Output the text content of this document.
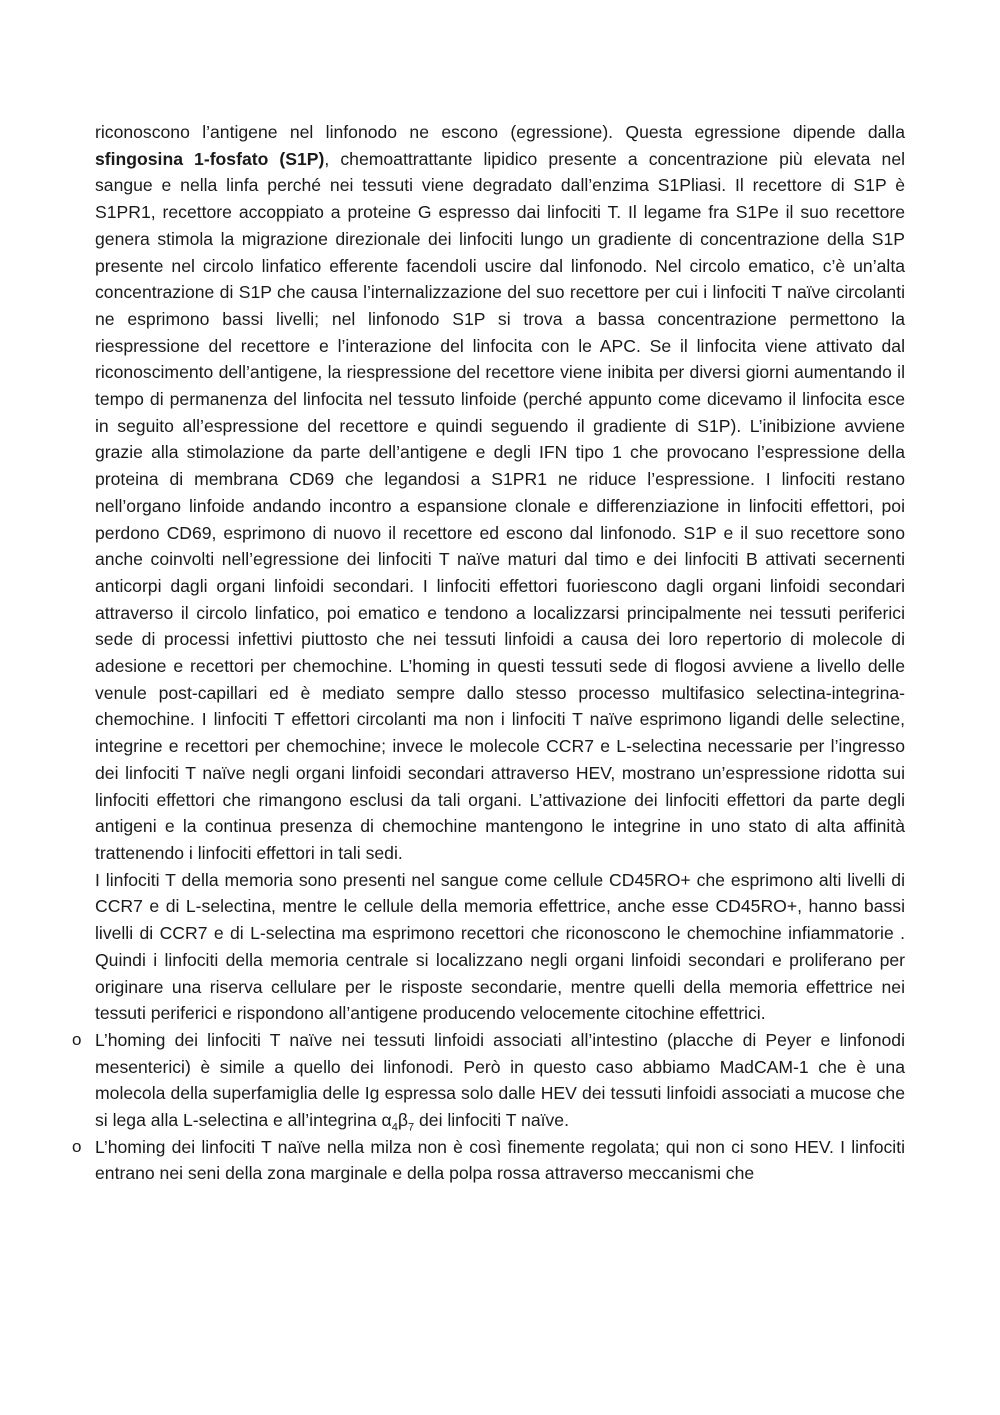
riconoscono l’antigene nel linfonodo ne escono (egressione). Questa egressione dipende dalla sfingosina 1-fosfato (S1P), chemoattrattante lipidico presente a concentrazione più elevata nel sangue e nella linfa perché nei tessuti viene degradato dall’enzima S1Pliasi. Il recettore di S1P è S1PR1, recettore accoppiato a proteine G espresso dai linfociti T. Il legame fra S1Pe il suo recettore genera stimola la migrazione direzionale dei linfociti lungo un gradiente di concentrazione della S1P presente nel circolo linfatico efferente facendoli uscire dal linfonodo. Nel circolo ematico, c’è un’alta concentrazione di S1P che causa l’internalizzazione del suo recettore per cui i linfociti T naïve circolanti ne esprimono bassi livelli; nel linfonodo S1P si trova a bassa concentrazione permettono la riespressione del recettore e l’interazione del linfocita con le APC. Se il linfocita viene attivato dal riconoscimento dell’antigene, la riespressione del recettore viene inibita per diversi giorni aumentando il tempo di permanenza del linfocita nel tessuto linfoide (perché appunto come dicevamo il linfocita esce in seguito all’espressione del recettore e quindi seguendo il gradiente di S1P). L’inibizione avviene grazie alla stimolazione da parte dell’antigene e degli IFN tipo 1 che provocano l’espressione della proteina di membrana CD69 che legandosi a S1PR1 ne riduce l’espressione. I linfociti restano nell’organo linfoide andando incontro a espansione clonale e differenziazione in linfociti effettori, poi perdono CD69, esprimono di nuovo il recettore ed escono dal linfonodo. S1P e il suo recettore sono anche coinvolti nell’egressione dei linfociti T naïve maturi dal timo e dei linfociti B attivati secernenti anticorpi dagli organi linfoidi secondari. I linfociti effettori fuoriescono dagli organi linfoidi secondari attraverso il circolo linfatico, poi ematico e tendono a localizzarsi principalmente nei tessuti periferici sede di processi infettivi piuttosto che nei tessuti linfoidi a causa dei loro repertorio di molecole di adesione e recettori per chemochine. L’homing in questi tessuti sede di flogosi avviene a livello delle venule post-capillari ed è mediato sempre dallo stesso processo multifasico selectina-integrina-chemochine. I linfociti T effettori circolanti ma non i linfociti T naïve esprimono ligandi delle selectine, integrine e recettori per chemochine; invece le molecole CCR7 e L-selectina necessarie per l’ingresso dei linfociti T naïve negli organi linfoidi secondari attraverso HEV, mostrano un’espressione ridotta sui linfociti effettori che rimangono esclusi da tali organi. L’attivazione dei linfociti effettori da parte degli antigeni e la continua presenza di chemochine mantengono le integrine in uno stato di alta affinità trattenendo i linfociti effettori in tali sedi.

I linfociti T della memoria sono presenti nel sangue come cellule CD45RO+ che esprimono alti livelli di CCR7 e di L-selectina, mentre le cellule della memoria effettrice, anche esse CD45RO+, hanno bassi livelli di CCR7 e di L-selectina ma esprimono recettori che riconoscono le chemochine infiammatorie . Quindi i linfociti della memoria centrale si localizzano negli organi linfoidi secondari e proliferano per originare una riserva cellulare per le risposte secondarie, mentre quelli della memoria effettrice nei tessuti periferici e rispondono all’antigene producendo velocemente citochine effettrici.

o L’homing dei linfociti T naïve nei tessuti linfoidi associati all’intestino (placche di Peyer e linfonodi mesenterici) è simile a quello dei linfonodi. Però in questo caso abbiamo MadCAM-1 che è una molecola della superfamiglia delle Ig espressa solo dalle HEV dei tessuti linfoidi associati a mucose che si lega alla L-selectina e all’integrina $\alpha_4\beta_7$ dei linfociti T naïve.
o L’homing dei linfociti T naïve nella milza non è così finemente regolata; qui non ci sono HEV. I linfociti entrano nei seni della zona marginale e della polpa rossa attraverso meccanismi che
